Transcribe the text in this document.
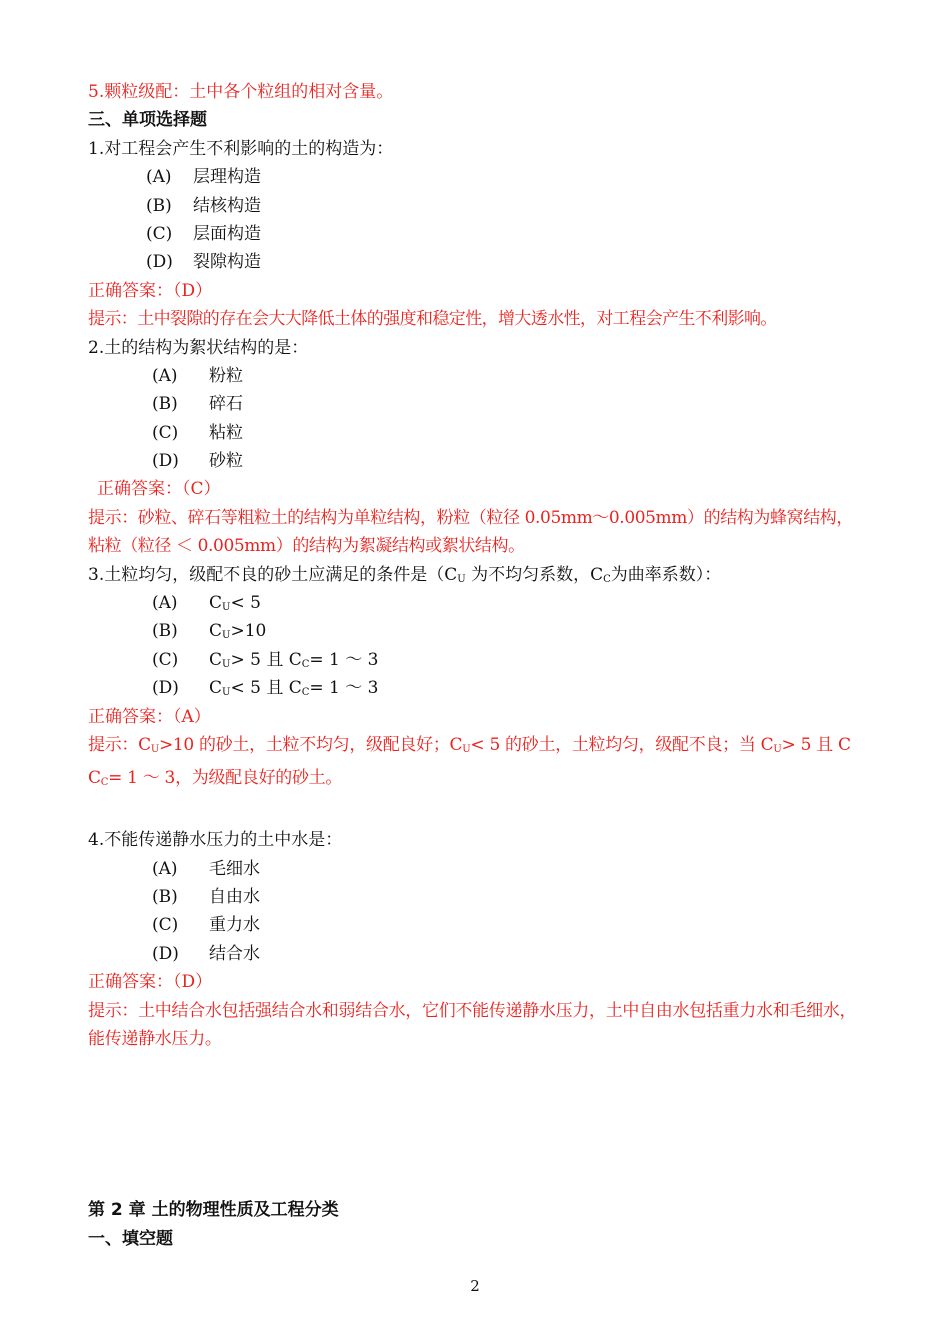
5.颗粒级配：土中各个粒组的相对含量。
三、单项选择题
1.对工程会产生不利影响的土的构造为：
(A) 层理构造
(B) 结核构造
(C) 层面构造
(D) 裂隙构造
正确答案：（D）
提示：土中裂隙的存在会大大降低土体的强度和稳定性，增大透水性，对工程会产生不利影响。
2.土的结构为絮状结构的是：
(A) 粉粒
(B) 碎石
(C) 粘粒
(D) 砂粒
正确答案：（C）
提示：砂粒、碎石等粗粒土的结构为单粒结构，粉粒（粒径 0.05mm～0.005mm）的结构为蜂窝结构，粘粒（粒径 ＜ 0.005mm）的结构为絮凝结构或絮状结构。
3.土粒均匀，级配不良的砂土应满足的条件是（$C_U$ 为不均匀系数，$C_C$为曲率系数）：
(A) $C_U< 5$
(B) $C_U>10$
(C) $C_U> 5$ 且 $C_C= 1$ ～ 3
(D) $C_U< 5$ 且 $C_C= 1$ ～ 3
正确答案：（A）
提示：$C_U>10$ 的砂土，土粒不均匀，级配良好；$C_U< 5$ 的砂土，土粒均匀，级配不良；当 $C_U> 5$ 且 C
$C_C= 1$ ～ 3，为级配良好的砂土。
4.不能传递静水压力的土中水是：
(A) 毛细水
(B) 自由水
(C) 重力水
(D) 结合水
正确答案：（D）
提示：土中结合水包括强结合水和弱结合水，它们不能传递静水压力，土中自由水包括重力水和毛细水，能传递静水压力。
第 2 章 土的物理性质及工程分类
一、填空题
2
